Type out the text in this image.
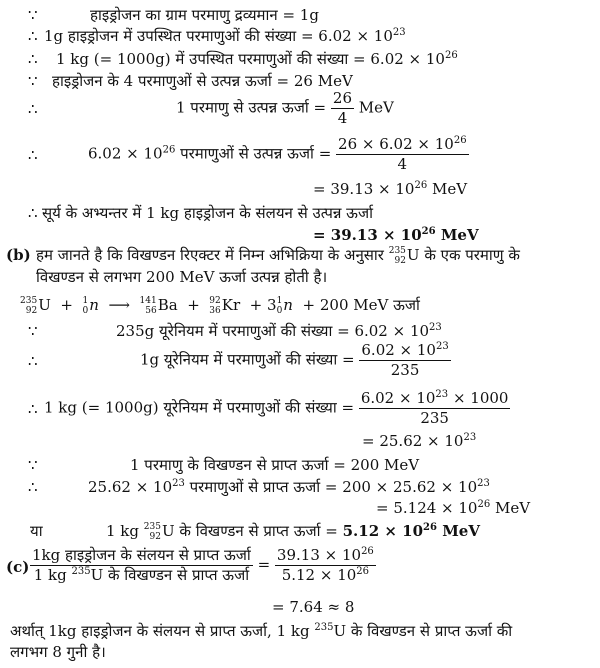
∵	हाइड्रोजन का ग्राम परमाणु द्रव्यमान = 1g
∴ 1g हाइड्रोजन में उपस्थित परमाणुओं की संख्या = $6.02 \times 10^{23}$
∴ 1 kg (= 1000g) में उपस्थित परमाणुओं की संख्या = $6.02 \times 10^{26}$
∵ हाइड्रोजन के 4 परमाणुओं से उत्पन्न ऊर्जा = 26 MeV
∴	1 परमाणु से उत्पन्न ऊर्जा = $\frac{26}{4}$ MeV
∴	$6.02 \times 10^{26}$ परमाणुओं से उत्पन्न ऊर्जा = $\frac{26 \times 6.02 \times 10^{26}}{4}$
= $39.13 \times 10^{26}$ MeV
∴ सूर्य के अभ्यन्तर में 1 kg हाइड्रोजन के संलयन से उत्पन्न ऊर्जा
= $39.13 \times 10^{26}$ MeV
(b) हम जानते है कि विखण्डन रिएक्टर में निम्न अभिक्रिया के अनुसार 235
92 U के एक परमाणु के
विखण्डन से लगभग 200 MeV ऊर्जा उत्पन्न होती है।
235
92 U  + 1
0 n ⟶ 141
56 Ba  + 92
36 Kr  + 3 1
0 n + 200 MeV ऊर्जा
∵	235g यूरेनियम में परमाणुओं की संख्या = $6.02 \times 10^{23}$
∴	1g यूरेनियम में परमाणुओं की संख्या = $\frac{6.02 \times 10^{23}}{235}$
∴ 1 kg (= 1000g) यूरेनियम में परमाणुओं की संख्या = $\frac{6.02 \times 10^{23} \times 1000}{235}$
= $25.62 \times 10^{23}$
∵	1 परमाणु के विखण्डन से प्राप्त ऊर्जा = 200 MeV
∴	$25.62 \times 10^{23}$ परमाणुओं से प्राप्त ऊर्जा = $200 \times 25.62 \times 10^{23}$
= $5.124 \times 10^{26}$ MeV
या	1 kg 235
92 U के विखण्डन से प्राप्त ऊर्जा = $5.12 \times 10^{26}$ MeV
$(c) \frac{\text{1kg हाइड्रोजन के संलयन से प्राप्त ऊर्जा}}{1 kg ^{235}U के विखण्डन से प्राप्त ऊर्जा} = \frac{39.13 \times 10^{26}}{5.12 \times 10^{26}}$
= 7.64 ≈ 8
अर्थात् 1kg हाइड्रोजन के संलयन से प्राप्त ऊर्जा, 1 kg $^{235}$U के विखण्डन से प्राप्त ऊर्जा की
लगभग 8 गुनी है।
